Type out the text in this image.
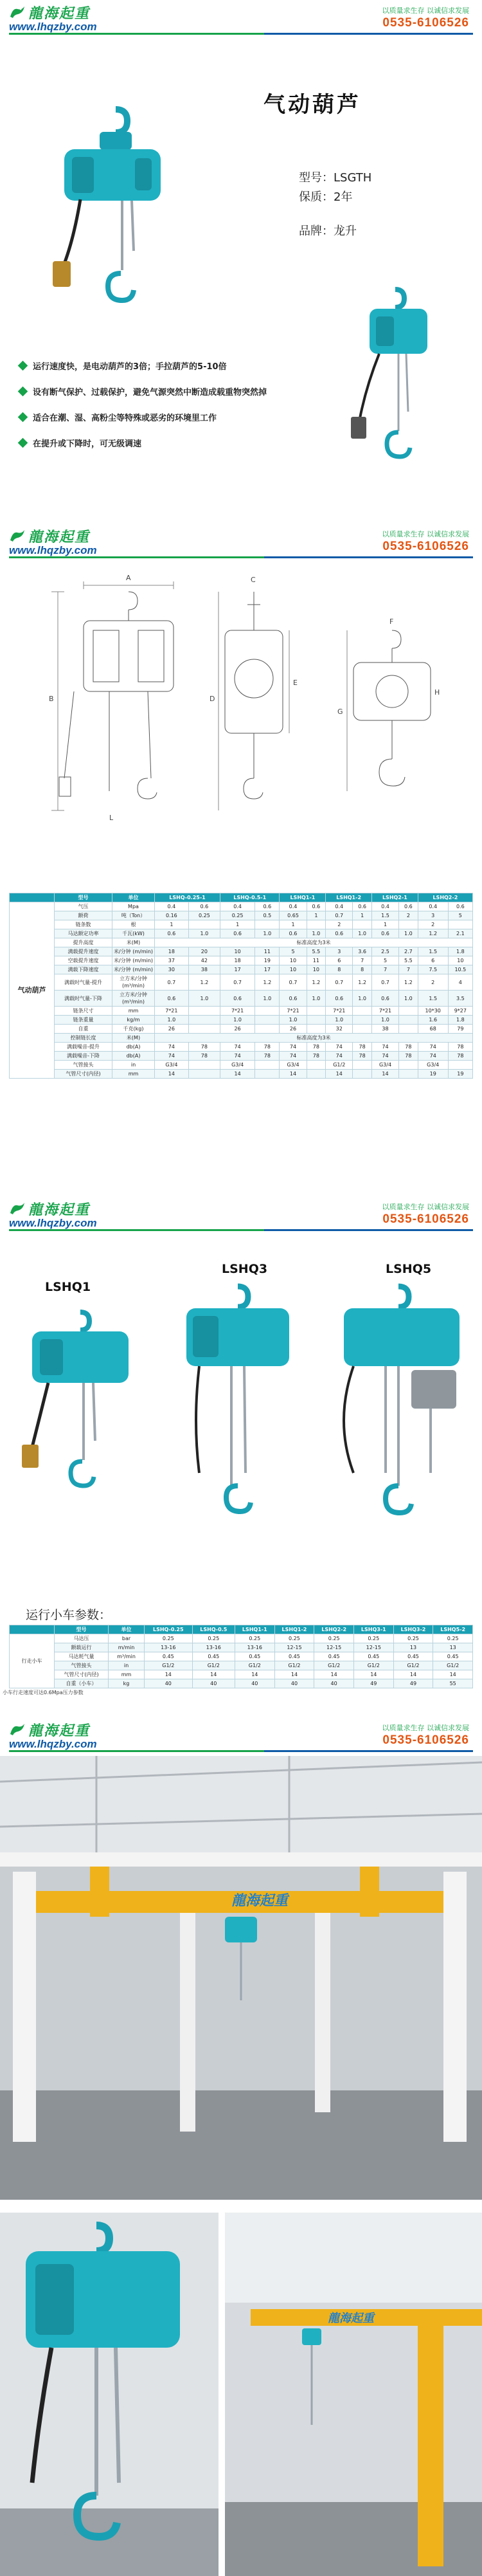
龍海起重
www.lhqzby.com
以质量求生存 以诚信求发展
0535-6106526
气动葫芦
型号：LSGTH
保质：2年
品牌：龙升
运行速度快，是电动葫芦的3倍；手拉葫芦的5-10倍
设有断气保护、过载保护，避免气源突然中断造成载重物突然掉
适合在潮、湿、高粉尘等特殊或恶劣的环境里工作
在提升或下降时，可无级调速
龍海起重
www.lhqzby.com
以质量求生存 以诚信求发展
0535-6106526
A
B
C
D
E
F
G
H
L
	型号	单位	LSHQ-0.25-1		LSHQ-0.5-1		LSHQ1-1		LSHQ1-2		LSHQ2-1		LSHQ2-2	
气动葫芦	气压	Mpa	0.4	0.6	0.4	0.6	0.4	0.6	0.4	0.6	0.4	0.6	0.4	0.6
	额荷	吨（Ton）	0.16	0.25	0.25	0.5	0.65	1	0.7	1	1.5	2	3	5
	链条数	根	1		1		1		2		1		2	
	马达额定功率	千瓦(kW)	0.6	1.0	0.6	1.0	0.6	1.0	0.6	1.0	0.6	1.0	1.2	2.1
	提升高度	米(M)	标准高度为3米											
	满载提升速度	米/分钟 (m/min)	18	20	10	11	5	5.5	3	3.6	2.5	2.7	1.5	1.8
	空载提升速度	米/分钟 (m/min)	37	42	18	19	10	11	6	7	5	5.5	6	10
	满载下降速度	米/分钟 (m/min)	30	38	17	17	10	10	8	8	7	7	7.5	10.5
	满载时气量-提升	立方米/分钟 (m³/min)	0.7	1.2	0.7	1.2	0.7	1.2	0.7	1.2	0.7	1.2	2	4
	满载时气量-下降	立方米/分钟 (m³/min)	0.6	1.0	0.6	1.0	0.6	1.0	0.6	1.0	0.6	1.0	1.5	3.5
	链条尺寸	mm	7*21		7*21		7*21		7*21		7*21		10*30	9*27
	链条重量	kg/m	1.0		1.0		1.0		1.0		1.0		1.6	1.8
	自重	千克(kg)	26		26		26		32		38		68	79
	控制链长度	米(M)	标准高度为3米											
	满载噪音-提升	db(A)	74	78	74	78	74	78	74	78	74	78	74	78
	满载噪音-下降	db(A)	74	78	74	78	74	78	74	78	74	78	74	78
	气管接头	in	G3/4		G3/4		G3/4		G1/2		G3/4		G3/4	
	气管尺寸(内径)	mm	14		14		14		14		14		19	19
龍海起重
www.lhqzby.com
以质量求生存 以诚信求发展
0535-6106526
LSHQ1
LSHQ3	LSHQ5
运行小车参数：
	型号	单位	LSHQ-0.25	LSHQ-0.5	LSHQ1-1	LSHQ1-2	LSHQ2-2	LSHQ3-1	LSHQ3-2	LSHQ5-2
行走小车	马达压	bar	0.25	0.25	0.25	0.25	0.25	0.25	0.25	0.25
	额载运行	m/min	13-16	13-16	13-16	12-15	12-15	12-15	13	13
	马达耗气量	m³/min	0.45	0.45	0.45	0.45	0.45	0.45	0.45	0.45
	气管接头	in	G1/2	G1/2	G1/2	G1/2	G1/2	G1/2	G1/2	G1/2
	气管尺寸(内径)	mm	14	14	14	14	14	14	14	14
	自重（小车）	kg	40	40	40	40	40	49	49	55
小车行走速度可达0.6Mpa压力参数
龍海起重
www.lhqzby.com
以质量求生存 以诚信求发展
0535-6106526
龍海起重
龍海起重
